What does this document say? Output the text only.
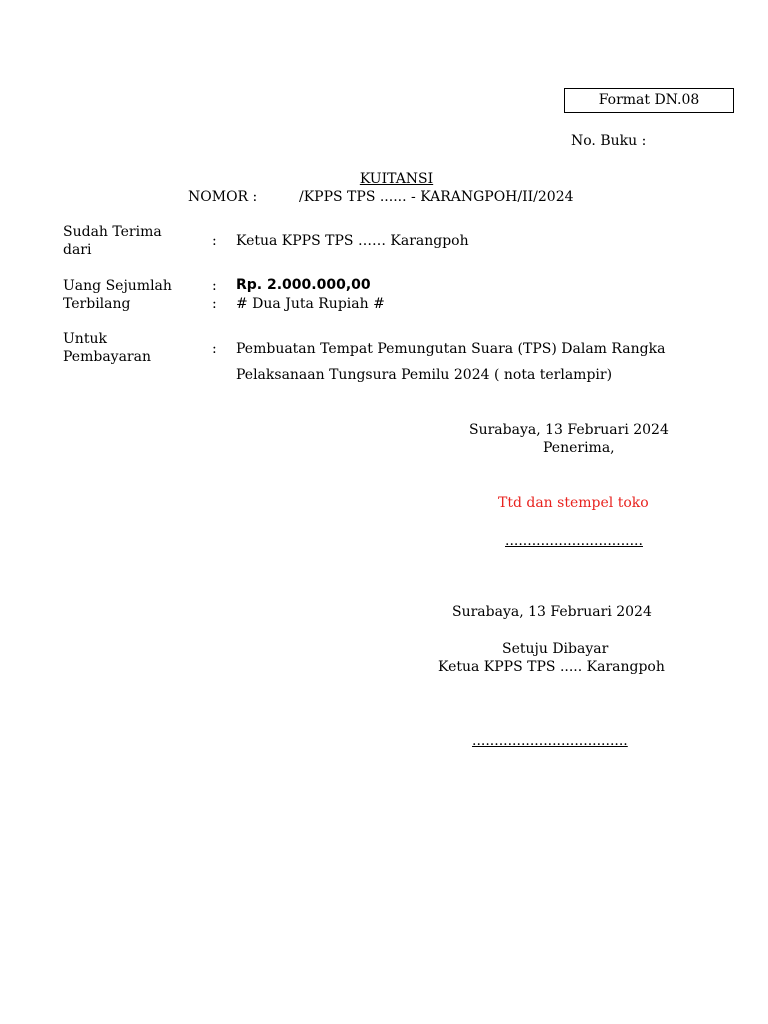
Format DN.08
No. Buku :
KUITANSI
NOMOR :	/KPPS TPS ...... - KARANGPOH/II/2024
Sudah Terima
dari
: Ketua KPPS TPS …… Karangpoh
Uang Sejumlah	: Rp. 2.000.000,00
Terbilang	: # Dua Juta Rupiah #
Untuk
Pembayaran	: Pembuatan Tempat Pemungutan Suara (TPS) Dalam Rangka
Pelaksanaan Tungsura Pemilu 2024 ( nota terlampir)
Surabaya, 13 Februari 2024
Penerima,
Ttd dan stempel toko
...............................
Surabaya, 13 Februari 2024
Setuju Dibayar
Ketua KPPS TPS ..... Karangpoh
...................................
